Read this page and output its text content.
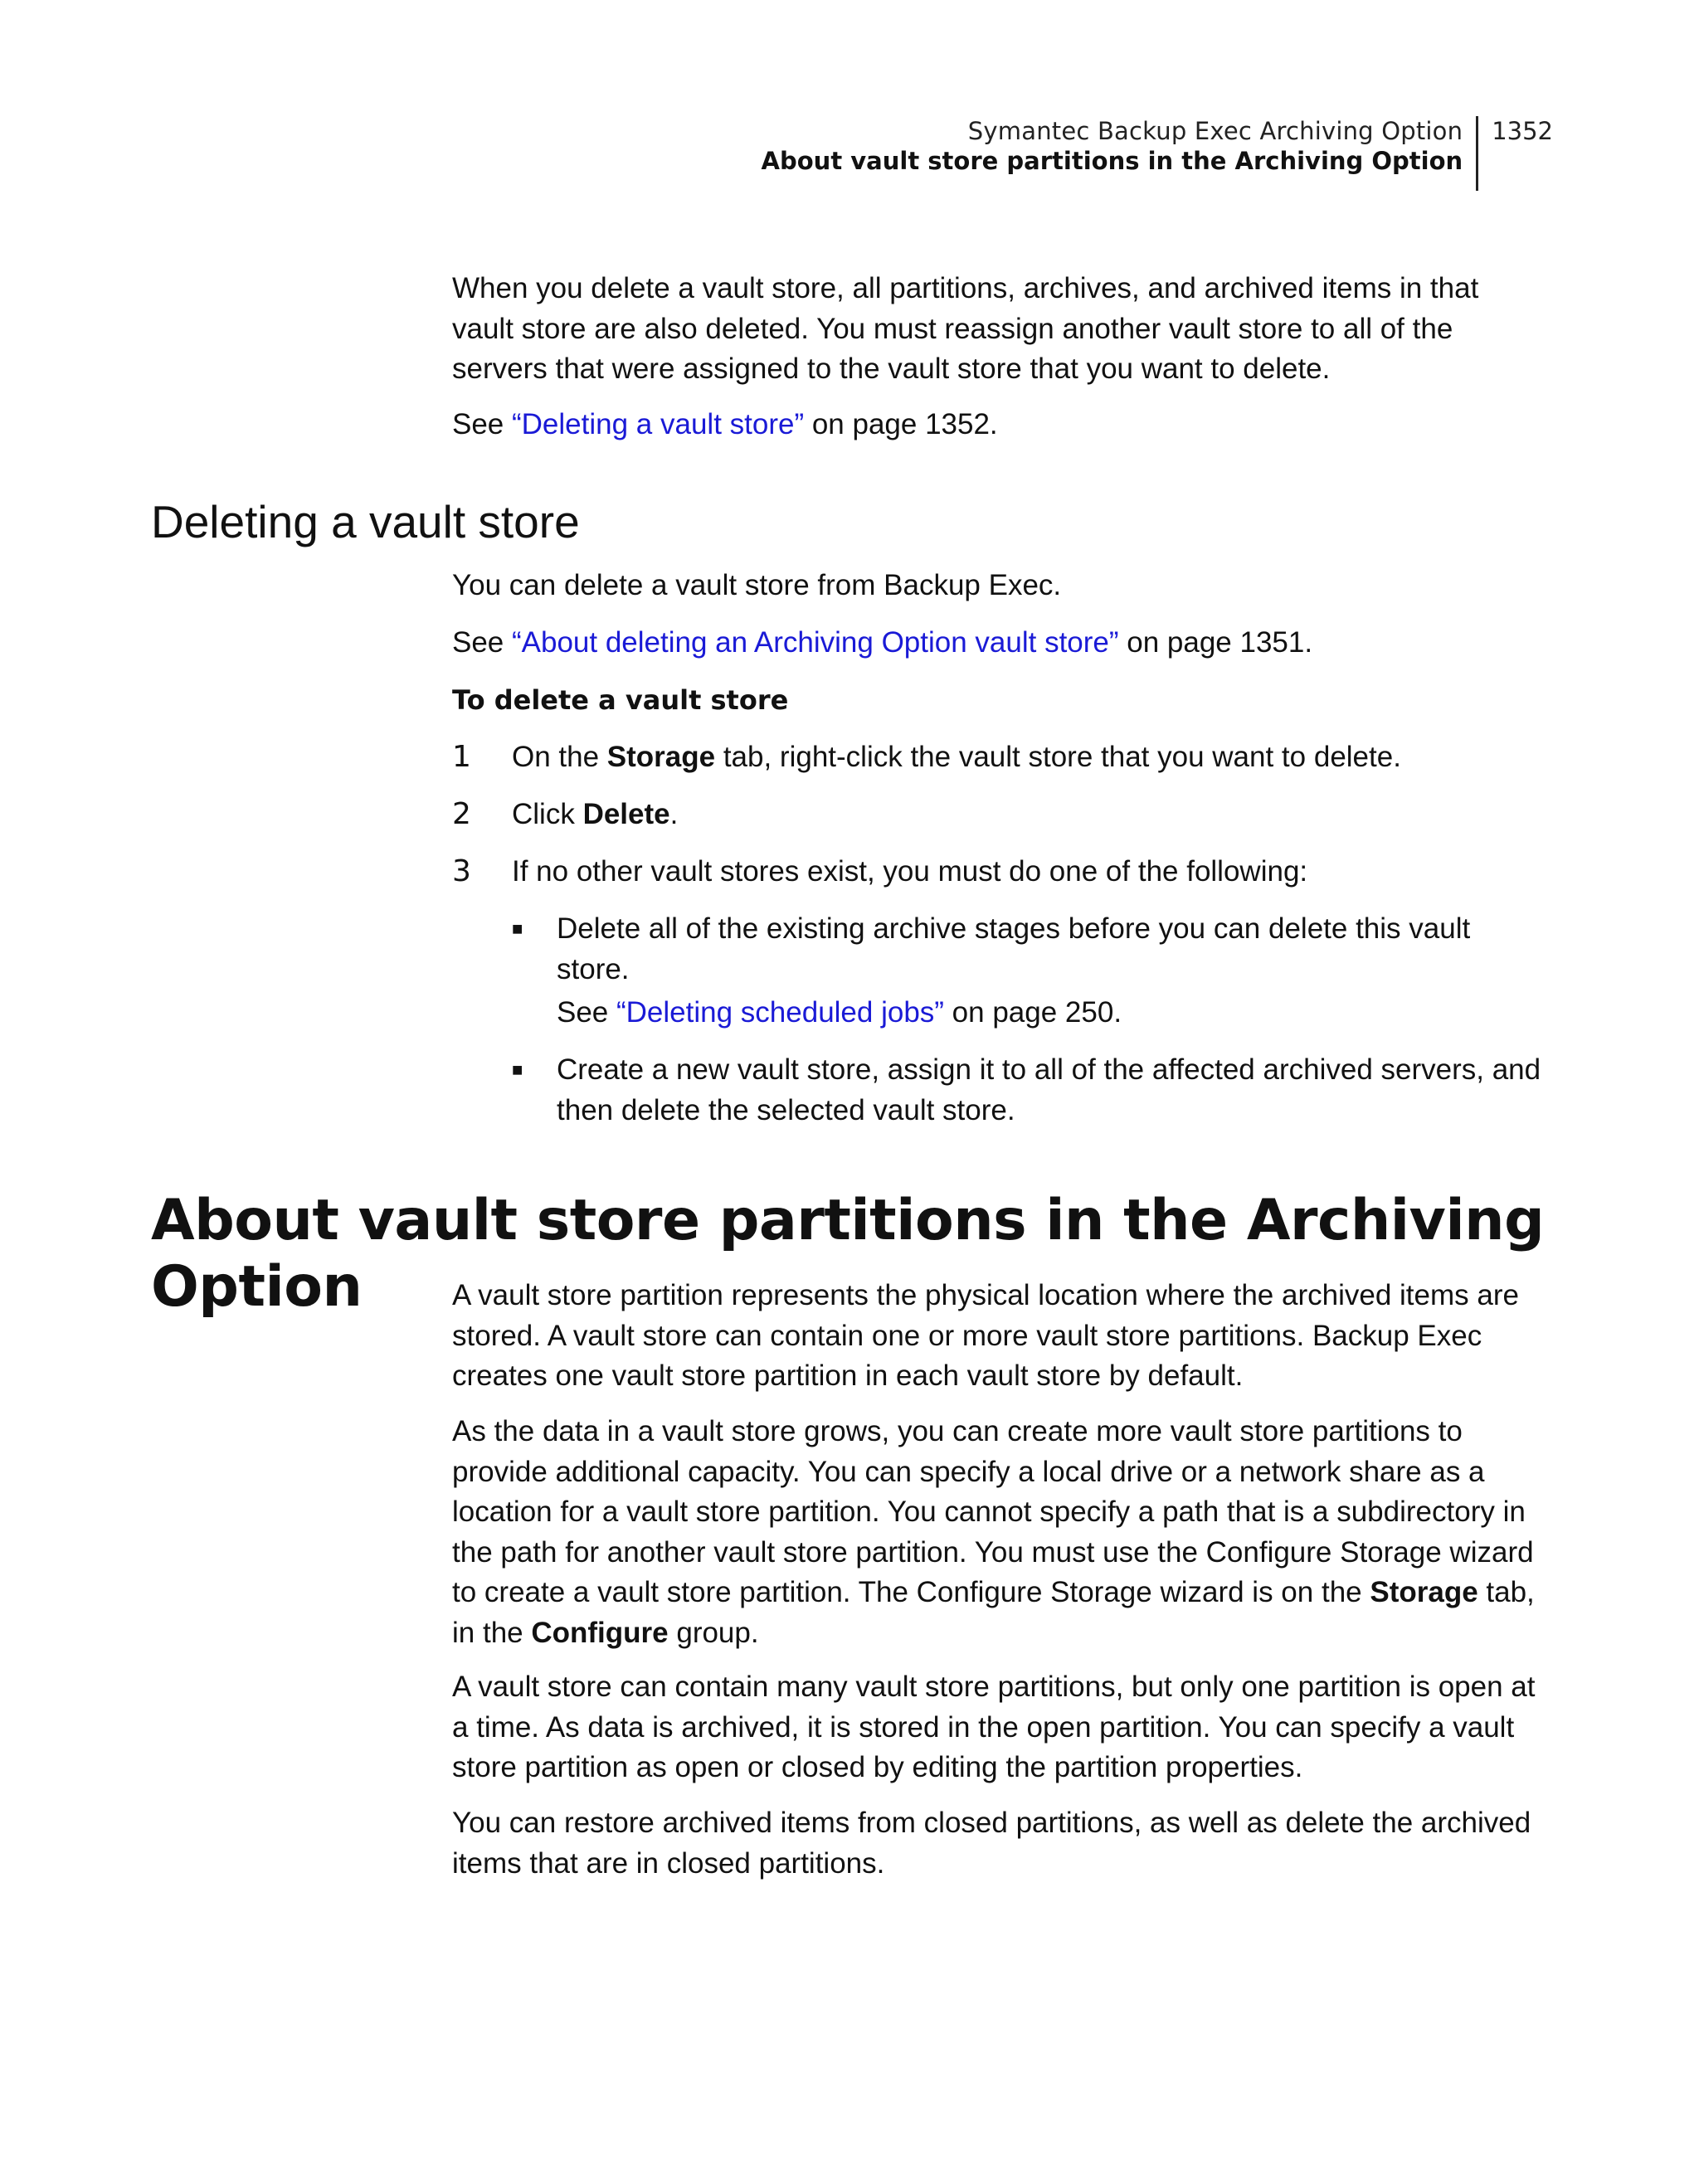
Symantec Backup Exec Archiving Option
About vault store partitions in the Archiving Option
1352

When you delete a vault store, all partitions, archives, and archived items in that vault store are also deleted. You must reassign another vault store to all of the servers that were assigned to the vault store that you want to delete.

See “Deleting a vault store” on page 1352.

Deleting a vault store

You can delete a vault store from Backup Exec.

See “About deleting an Archiving Option vault store” on page 1351.

To delete a vault store

1	On the Storage tab, right-click the vault store that you want to delete.
2	Click Delete.
3	If no other vault stores exist, you must do one of the following:
■	Delete all of the existing archive stages before you can delete this vault store.
See “Deleting scheduled jobs” on page 250.
■	Create a new vault store, assign it to all of the affected archived servers, and then delete the selected vault store.
About vault store partitions in the Archiving Option	A vault store partition represents the physical location where the archived items are stored. A vault store can contain one or more vault store partitions. Backup Exec creates one vault store partition in each vault store by default.

As the data in a vault store grows, you can create more vault store partitions to provide additional capacity. You can specify a local drive or a network share as a location for a vault store partition. You cannot specify a path that is a subdirectory in the path for another vault store partition. You must use the Configure Storage wizard to create a vault store partition. The Configure Storage wizard is on the Storage tab, in the Configure group.

A vault store can contain many vault store partitions, but only one partition is open at a time. As data is archived, it is stored in the open partition. You can specify a vault store partition as open or closed by editing the partition properties.

You can restore archived items from closed partitions, as well as delete the archived items that are in closed partitions.
